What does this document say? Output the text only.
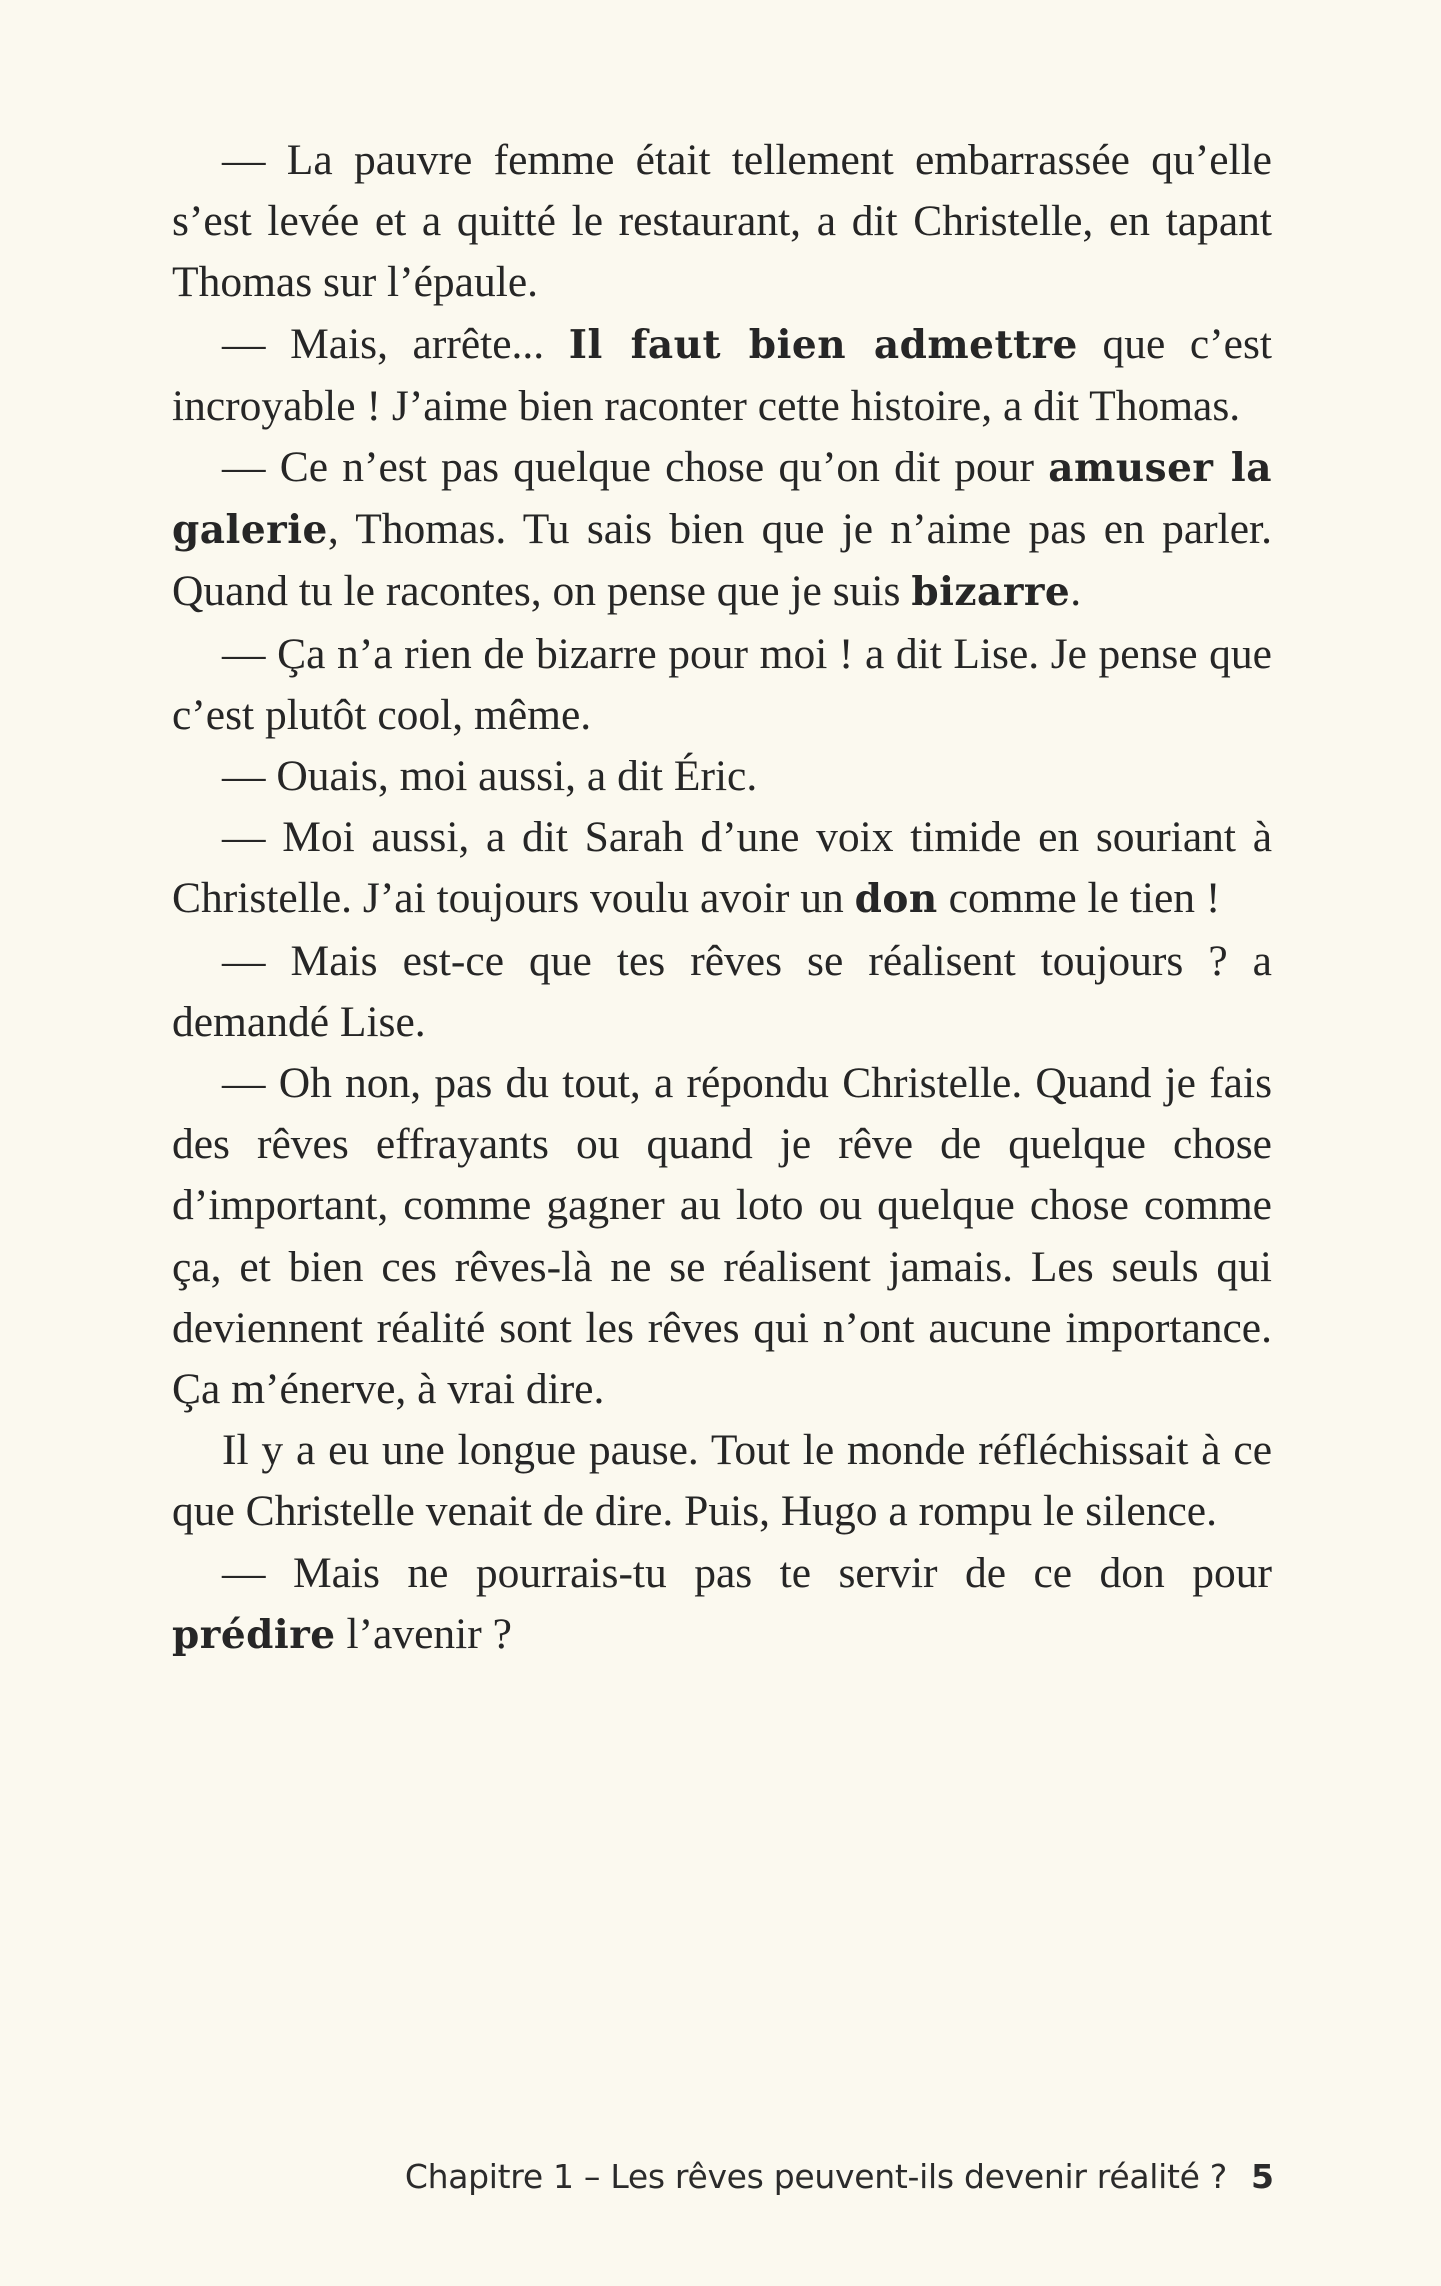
— La pauvre femme était tellement embarrassée qu’elle s’est levée et a quitté le restaurant, a dit Christelle, en tapant Thomas sur l’épaule.

— Mais, arrête... Il faut bien admettre que c’est incroyable ! J’aime bien raconter cette histoire, a dit Thomas.

— Ce n’est pas quelque chose qu’on dit pour amuser la galerie, Thomas. Tu sais bien que je n’aime pas en parler. Quand tu le racontes, on pense que je suis bizarre.

— Ça n’a rien de bizarre pour moi ! a dit Lise. Je pense que c’est plutôt cool, même.

— Ouais, moi aussi, a dit Éric.

— Moi aussi, a dit Sarah d’une voix timide en souriant à Christelle. J’ai toujours voulu avoir un don comme le tien !

— Mais est-ce que tes rêves se réalisent toujours ? a demandé Lise.

— Oh non, pas du tout, a répondu Christelle. Quand je fais des rêves effrayants ou quand je rêve de quelque chose d’important, comme gagner au loto ou quelque chose comme ça, et bien ces rêves-là ne se réalisent jamais. Les seuls qui deviennent réalité sont les rêves qui n’ont aucune importance. Ça m’énerve, à vrai dire.

Il y a eu une longue pause. Tout le monde réfléchissait à ce que Christelle venait de dire. Puis, Hugo a rompu le silence.

— Mais ne pourrais-tu pas te servir de ce don pour prédire l’avenir ?

Chapitre 1 – Les rêves peuvent-ils devenir réalité ? 5
